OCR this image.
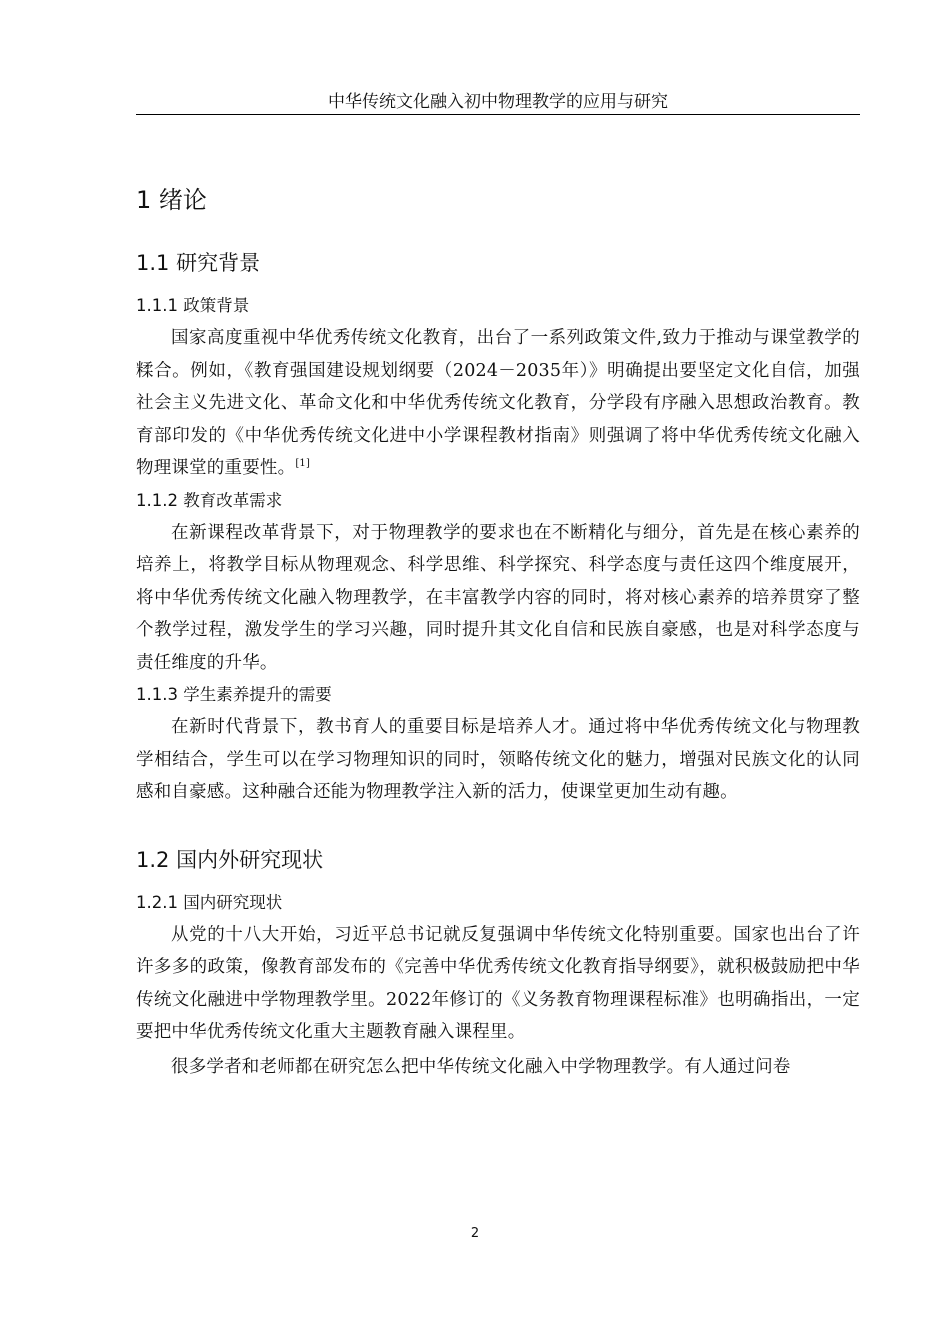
中华传统文化融入初中物理教学的应用与研究
1 绪论
1.1 研究背景
1.1.1 政策背景

国家高度重视中华优秀传统文化教育，出台了一系列政策文件,致力于推动与课堂教学的糅合。例如，《教育强国建设规划纲要（2024－2035年）》明确提出要坚定文化自信，加强社会主义先进文化、革命文化和中华优秀传统文化教育，分学段有序融入思想政治教育。教育部印发的《中华优秀传统文化进中小学课程教材指南》则强调了将中华优秀传统文化融入物理课堂的重要性。[1]

1.1.2 教育改革需求

在新课程改革背景下，对于物理教学的要求也在不断精化与细分，首先是在核心素养的培养上，将教学目标从物理观念、科学思维、科学探究、科学态度与责任这四个维度展开，将中华优秀传统文化融入物理教学，在丰富教学内容的同时，将对核心素养的培养贯穿了整个教学过程，激发学生的学习兴趣，同时提升其文化自信和民族自豪感，也是对科学态度与责任维度的升华。

1.1.3 学生素养提升的需要

在新时代背景下，教书育人的重要目标是培养人才。通过将中华优秀传统文化与物理教学相结合，学生可以在学习物理知识的同时，领略传统文化的魅力，增强对民族文化的认同感和自豪感。这种融合还能为物理教学注入新的活力，使课堂更加生动有趣。

1.2 国内外研究现状
1.2.1 国内研究现状

从党的十八大开始，习近平总书记就反复强调中华传统文化特别重要。国家也出台了许许多多的政策，像教育部发布的《完善中华优秀传统文化教育指导纲要》，就积极鼓励把中华传统文化融进中学物理教学里。2022年修订的《义务教育物理课程标准》也明确指出，一定要把中华优秀传统文化重大主题教育融入课程里。

很多学者和老师都在研究怎么把中华传统文化融入中学物理教学。有人通过问卷

2
